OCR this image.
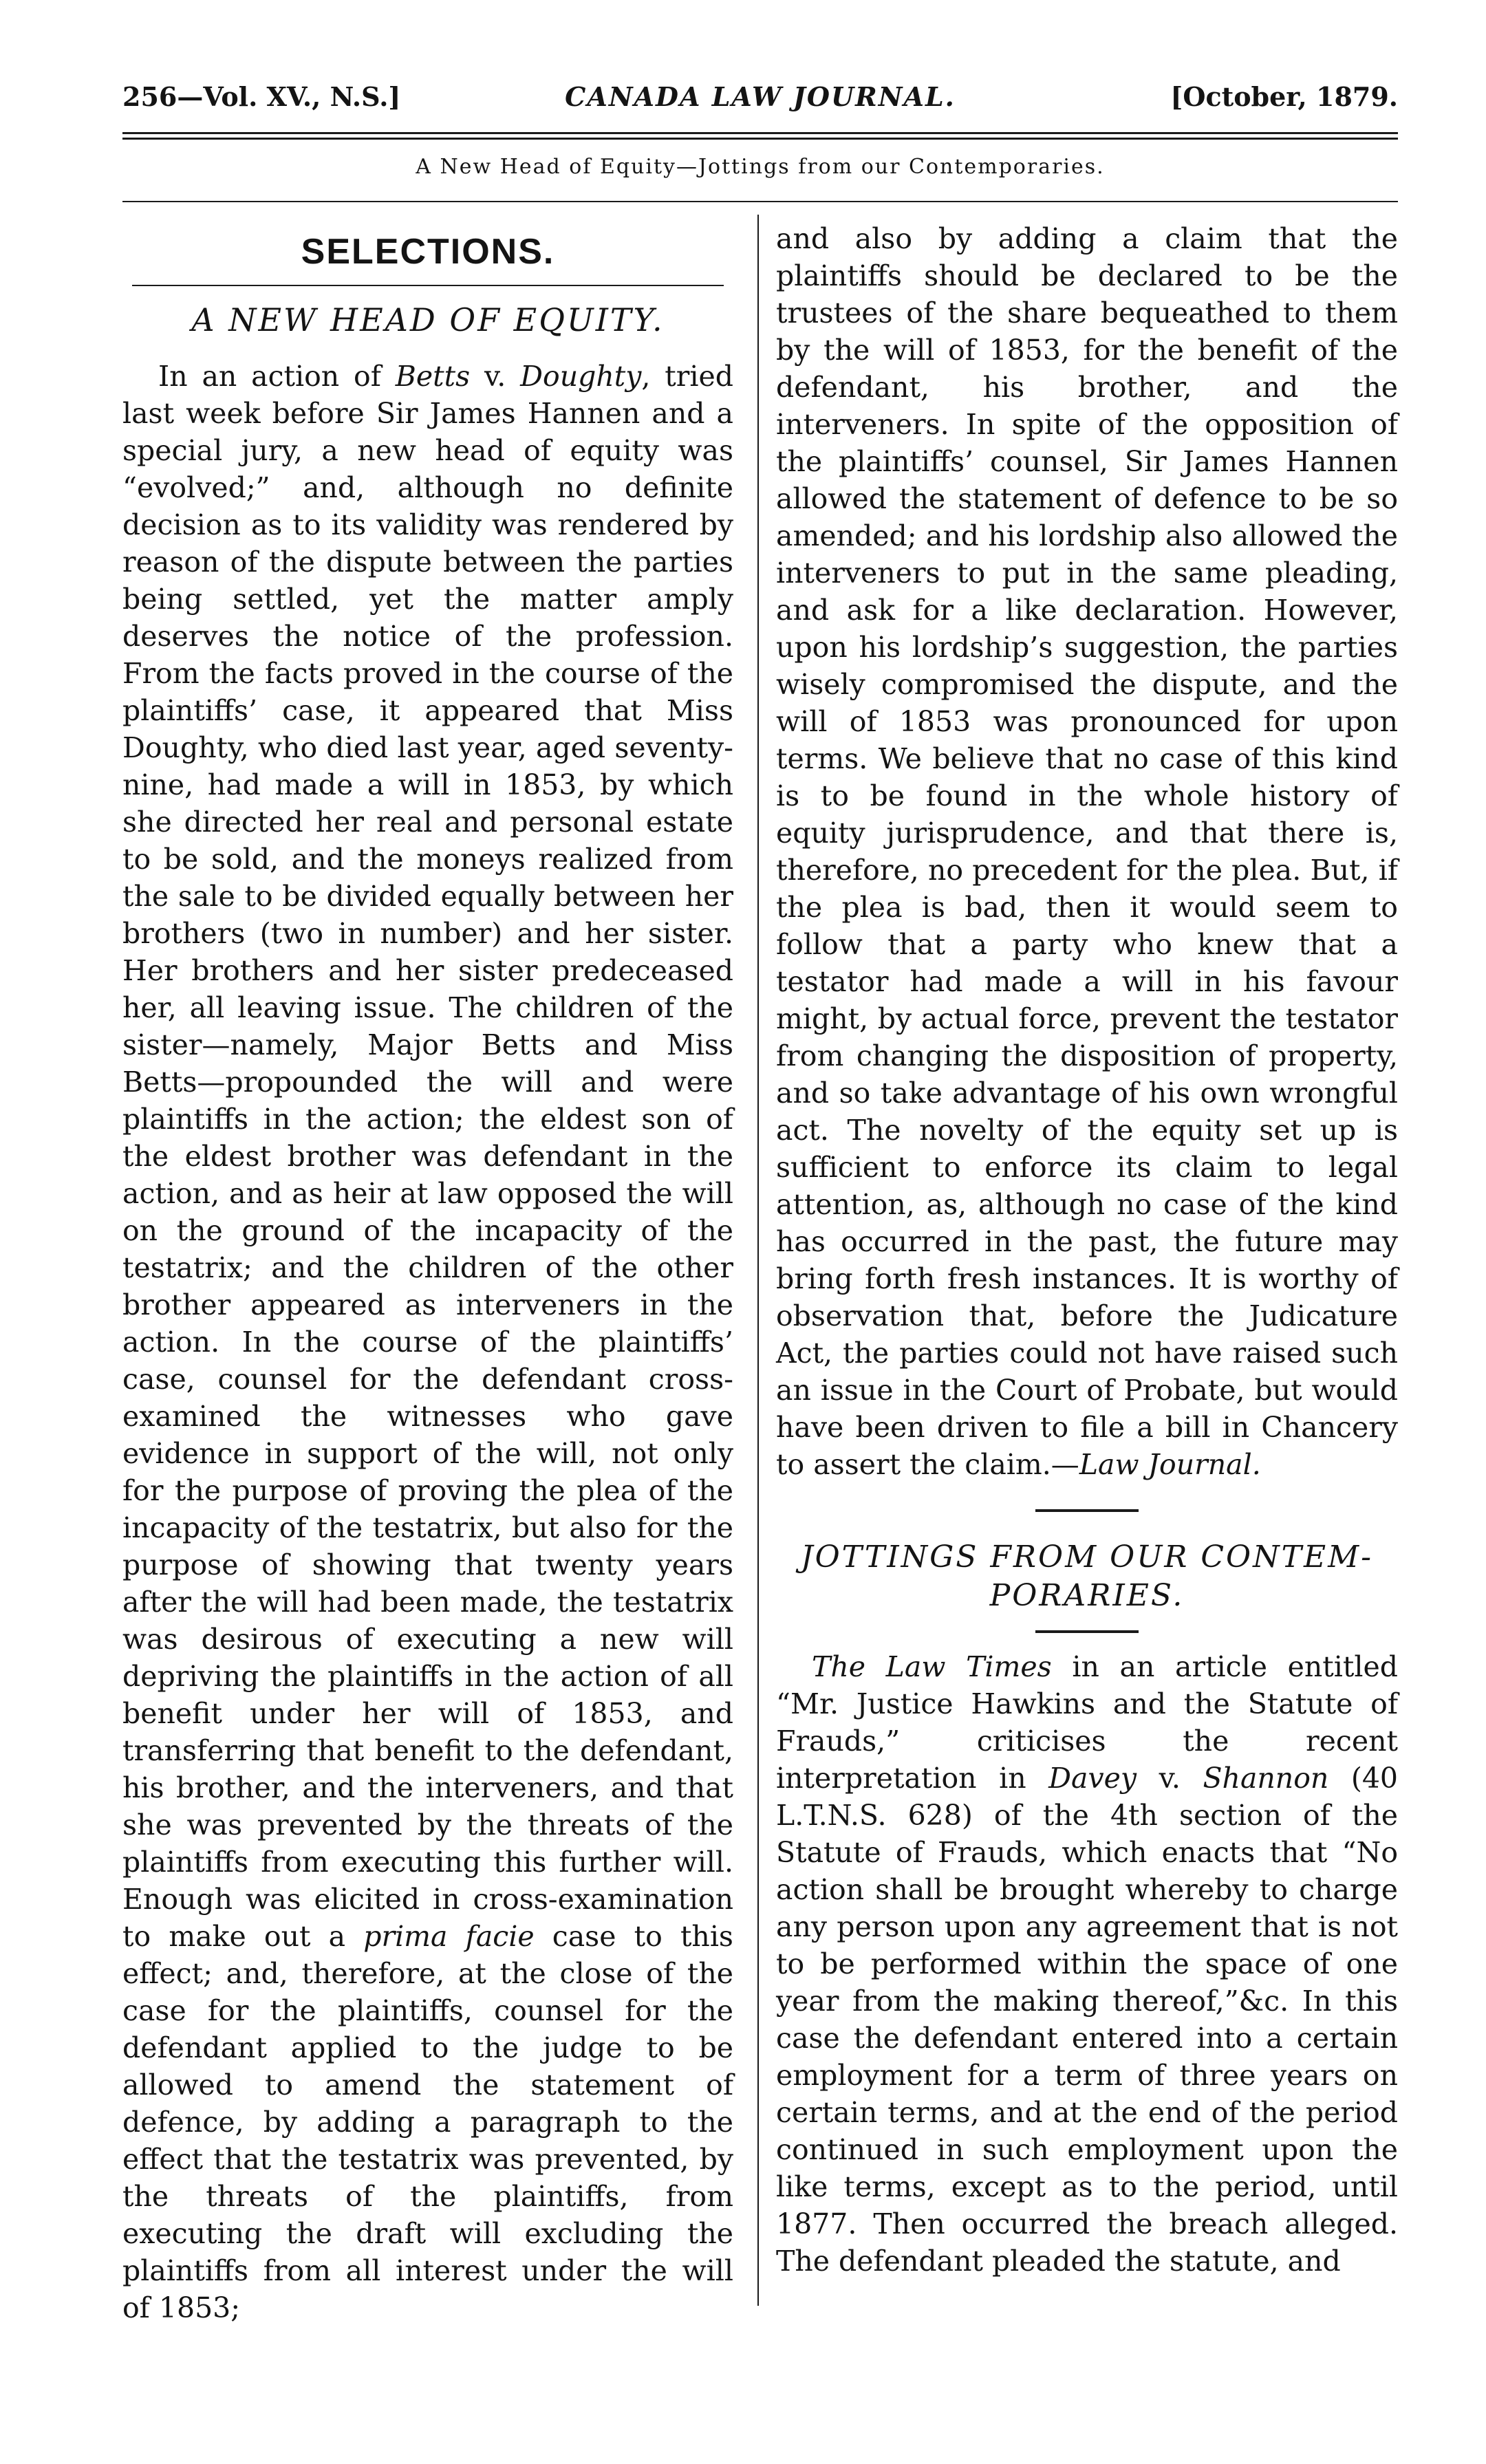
256—Vol. XV., N.S.]	CANADA LAW JOURNAL.	[October, 1879.
A New Head of Equity—Jottings from our Contemporaries.
SELECTIONS.
A NEW HEAD OF EQUITY.

In an action of Betts v. Doughty, tried last week before Sir James Hannen and a special jury, a new head of equity was “evolved;” and, although no definite decision as to its validity was rendered by reason of the dispute between the parties being settled, yet the matter amply deserves the notice of the profession. From the facts proved in the course of the plaintiffs’ case, it appeared that Miss Doughty, who died last year, aged seventy-nine, had made a will in 1853, by which she directed her real and personal estate to be sold, and the moneys realized from the sale to be divided equally between her brothers (two in number) and her sister. Her brothers and her sister predeceased her, all leaving issue. The children of the sister—namely, Major Betts and Miss Betts—propounded the will and were plaintiffs in the action; the eldest son of the eldest brother was defendant in the action, and as heir at law opposed the will on the ground of the incapacity of the testatrix; and the children of the other brother appeared as interveners in the action. In the course of the plaintiffs’ case, counsel for the defendant cross-examined the witnesses who gave evidence in support of the will, not only for the purpose of proving the plea of the incapacity of the testatrix, but also for the purpose of showing that twenty years after the will had been made, the testatrix was desirous of executing a new will depriving the plaintiffs in the action of all benefit under her will of 1853, and transferring that benefit to the defendant, his brother, and the interveners, and that she was prevented by the threats of the plaintiffs from executing this further will. Enough was elicited in cross-examination to make out a prima facie case to this effect; and, therefore, at the close of the case for the plaintiffs, counsel for the defendant applied to the judge to be allowed to amend the statement of defence, by adding a paragraph to the effect that the testatrix was prevented, by the threats of the plaintiffs, from executing the draft will excluding the plaintiffs from all interest under the will of 1853;

and also by adding a claim that the plaintiffs should be declared to be the trustees of the share bequeathed to them by the will of 1853, for the benefit of the defendant, his brother, and the interveners. In spite of the opposition of the plaintiffs’ counsel, Sir James Hannen allowed the statement of defence to be so amended; and his lordship also allowed the interveners to put in the same pleading, and ask for a like declaration. However, upon his lordship’s suggestion, the parties wisely compromised the dispute, and the will of 1853 was pronounced for upon terms. We believe that no case of this kind is to be found in the whole history of equity jurisprudence, and that there is, therefore, no precedent for the plea. But, if the plea is bad, then it would seem to follow that a party who knew that a testator had made a will in his favour might, by actual force, prevent the testator from changing the disposition of property, and so take advantage of his own wrongful act. The novelty of the equity set up is sufficient to enforce its claim to legal attention, as, although no case of the kind has occurred in the past, the future may bring forth fresh instances. It is worthy of observation that, before the Judicature Act, the parties could not have raised such an issue in the Court of Probate, but would have been driven to file a bill in Chancery to assert the claim.—Law Journal.

JOTTINGS FROM OUR CONTEM-
PORARIES.

The Law Times in an article entitled “Mr. Justice Hawkins and the Statute of Frauds,” criticises the recent interpretation in Davey v. Shannon (40 L.T.N.S. 628) of the 4th section of the Statute of Frauds, which enacts that “No action shall be brought whereby to charge any person upon any agreement that is not to be performed within the space of one year from the making thereof,”&c. In this case the defendant entered into a certain employment for a term of three years on certain terms, and at the end of the period continued in such employment upon the like terms, except as to the period, until 1877. Then occurred the breach alleged. The defendant pleaded the statute, and
